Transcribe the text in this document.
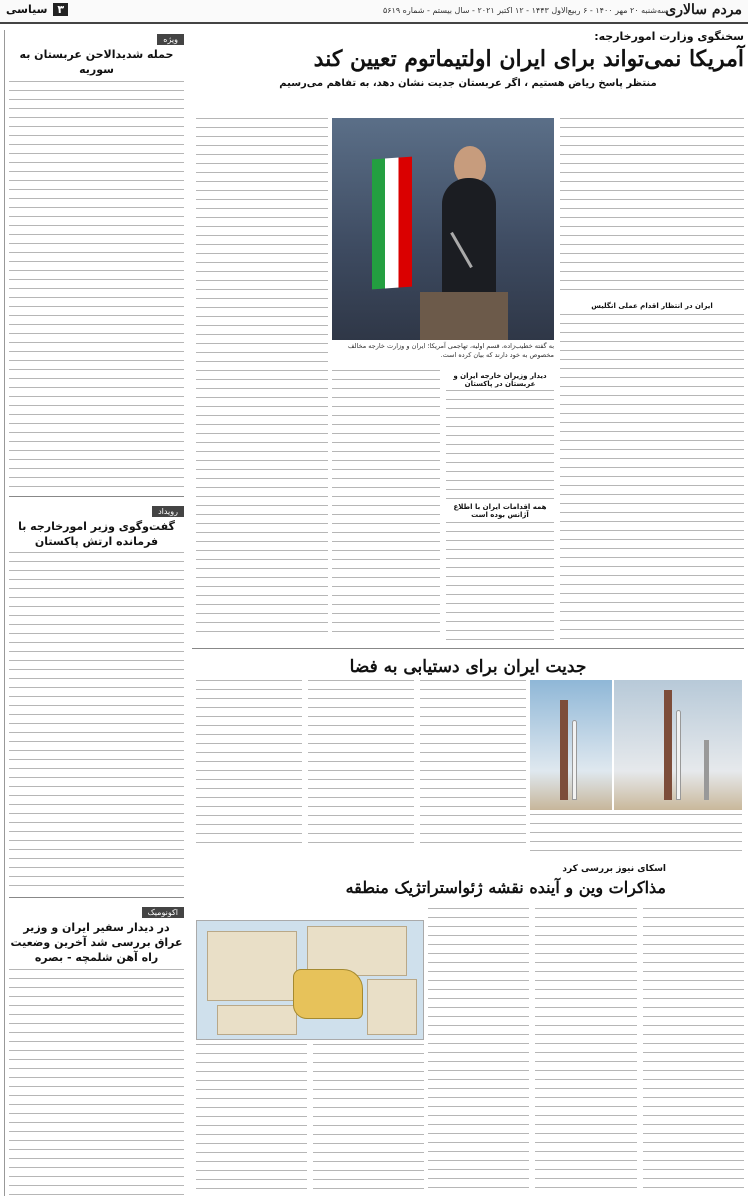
مردم سالاری
سه‌شنبه ۲۰ مهر ۱۴۰۰ - ۶ ربیع‌الاول ۱۴۴۳ - ۱۲ اکتبر ۲۰۲۱ - سال بیستم - شماره ۵۶۱۹
۳
سیاسی
ویژه
حمله شدیدالاحن عربستان به سوریه
رویداد
گفت‌وگوی وزیر امورخارجه با فرمانده ارتش پاکستان
اکونومیک
در دیدار سفیر ایران و وزیر عراق بررسی شد آخرین وضعیت راه آهن شلمچه - بصره
سخنگوی وزارت امورخارجه:
آمریکا نمی‌تواند برای ایران اولتیماتوم تعیین کند
منتظر پاسخ ریاض هستیم ، اگر عربستان جدیت نشان دهد، به تفاهم می‌رسیم
به گفته خطیب‌زاده، قسم اولیه، تهاجمی آمریکا؛ ایران و وزارت خارجه مخالف مخصوص به خود دارند که بیان کرده است.
ایران در انتظار اقدام عملی انگلیس
دیدار وزیران خارجه ایران و عربستان در پاکستان
همه اقدامات ایران با اطلاع آژانس بوده است
جدیت ایران برای دستیابی به فضا
اسکای نیوز بررسی کرد
مذاکرات وین و آینده نقشه ژئواستراتژیک منطقه
